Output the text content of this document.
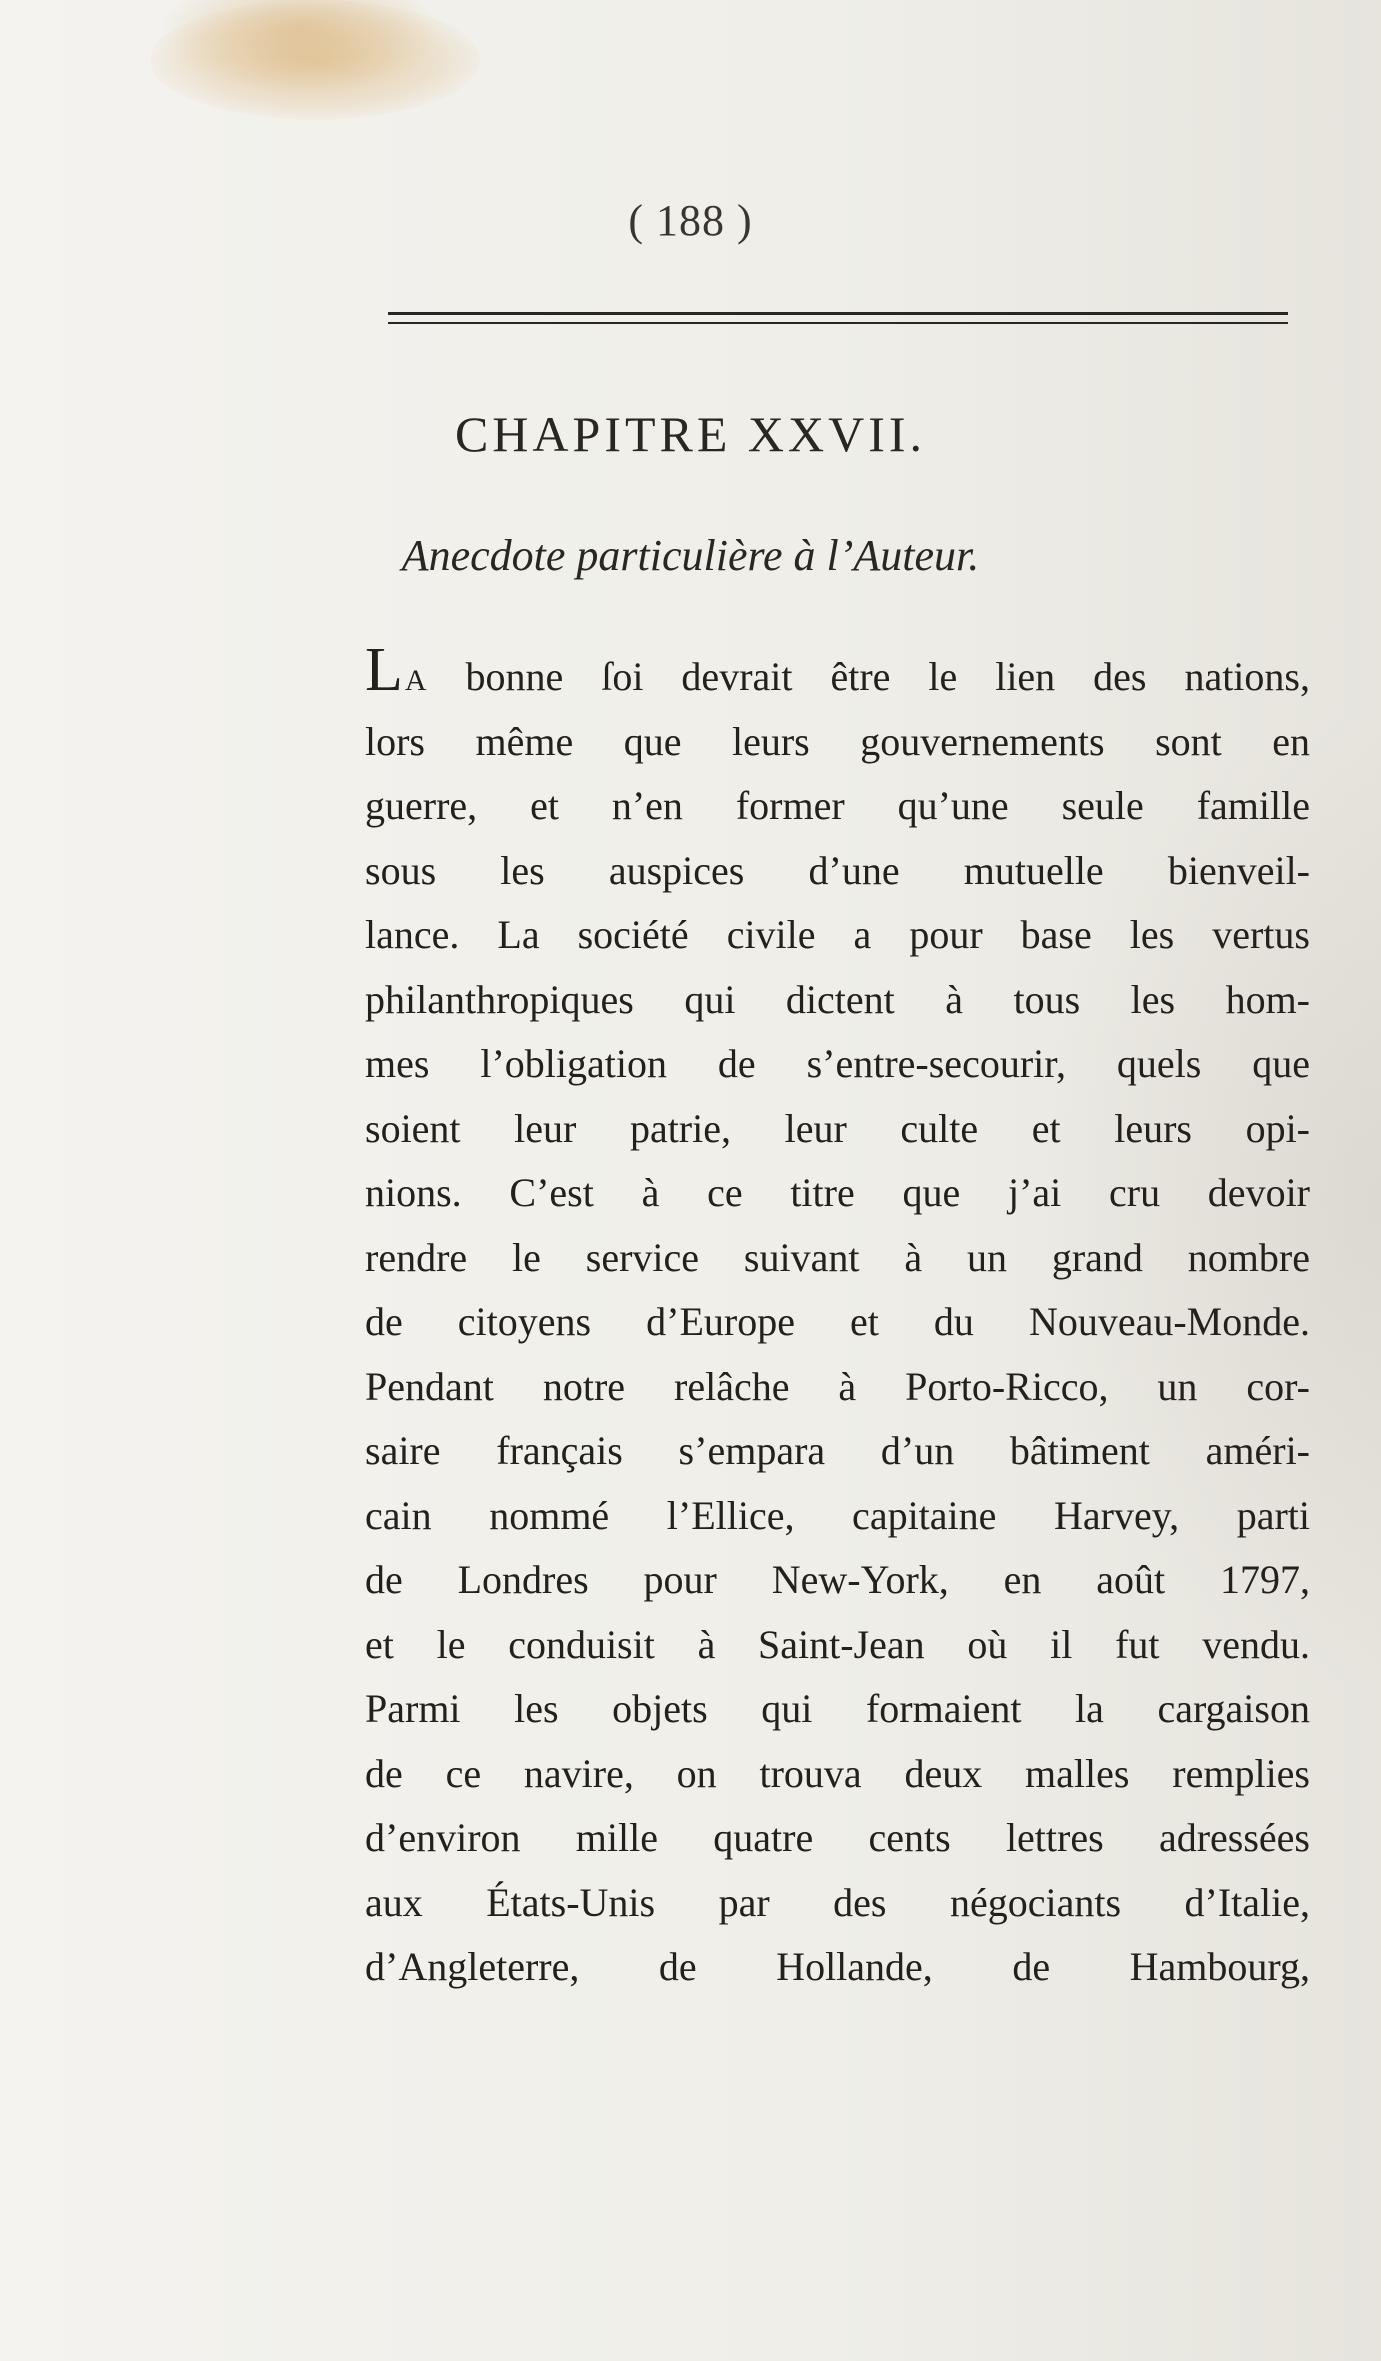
( 188 )
CHAPITRE XXVII.
Anecdote particulière à l’Auteur.
LA bonne ſoi devrait être le lien des nations,
lors même que leurs gouvernements sont en
guerre, et n’en former qu’une seule famille
sous les auspices d’une mutuelle bienveil-
lance. La société civile a pour base les vertus
philanthropiques qui dictent à tous les hom-
mes l’obligation de s’entre-secourir, quels que
soient leur patrie, leur culte et leurs opi-
nions. C’est à ce titre que j’ai cru devoir
rendre le service suivant à un grand nombre
de citoyens d’Europe et du Nouveau-Monde.
Pendant notre relâche à Porto-Ricco, un cor-
saire français s’empara d’un bâtiment améri-
cain nommé l’Ellice, capitaine Harvey, parti
de Londres pour New-York, en août 1797,
et le conduisit à Saint-Jean où il fut vendu.
Parmi les objets qui formaient la cargaison
de ce navire, on trouva deux malles remplies
d’environ mille quatre cents lettres adressées
aux États-Unis par des négociants d’Italie,
d’Angleterre, de Hollande, de Hambourg,
